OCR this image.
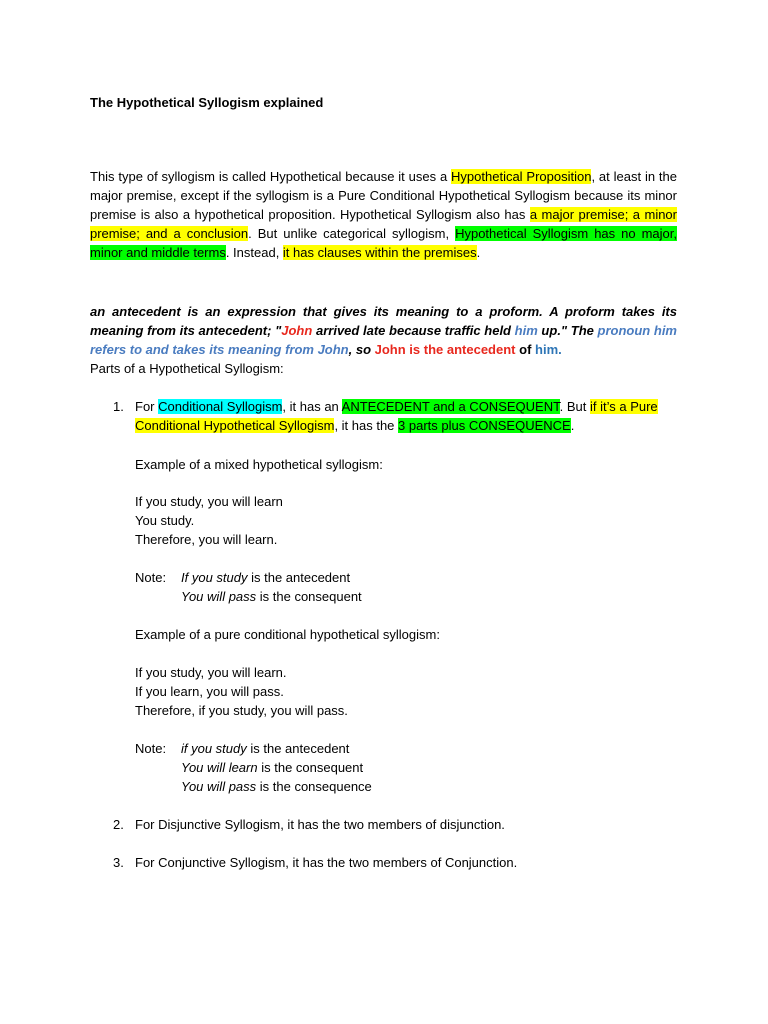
The Hypothetical Syllogism explained
This type of syllogism is called Hypothetical because it uses a Hypothetical Proposition, at least in the major premise, except if the syllogism is a Pure Conditional Hypothetical Syllogism because its minor premise is also a hypothetical proposition. Hypothetical Syllogism also has a major premise; a minor premise; and a conclusion. But unlike categorical syllogism, Hypothetical Syllogism has no major, minor and middle terms. Instead, it has clauses within the premises.
an antecedent is an expression that gives its meaning to a proform. A proform takes its meaning from its antecedent; "John arrived late because traffic held him up." The pronoun him refers to and takes its meaning from John, so John is the antecedent of him.
Parts of a Hypothetical Syllogism:
1. For Conditional Syllogism, it has an ANTECEDENT and a CONSEQUENT. But if it’s a Pure Conditional Hypothetical Syllogism, it has the 3 parts plus CONSEQUENCE.
Example of a mixed hypothetical syllogism:
If you study, you will learn
You study.
Therefore, you will learn.
Note: If you study is the antecedent
You will pass is the consequent
Example of a pure conditional hypothetical syllogism:
If you study, you will learn.
If you learn, you will pass.
Therefore, if you study, you will pass.
Note: if you study is the antecedent
You will learn is the consequent
You will pass is the consequence
2. For Disjunctive Syllogism, it has the two members of disjunction.
3. For Conjunctive Syllogism, it has the two members of Conjunction.
